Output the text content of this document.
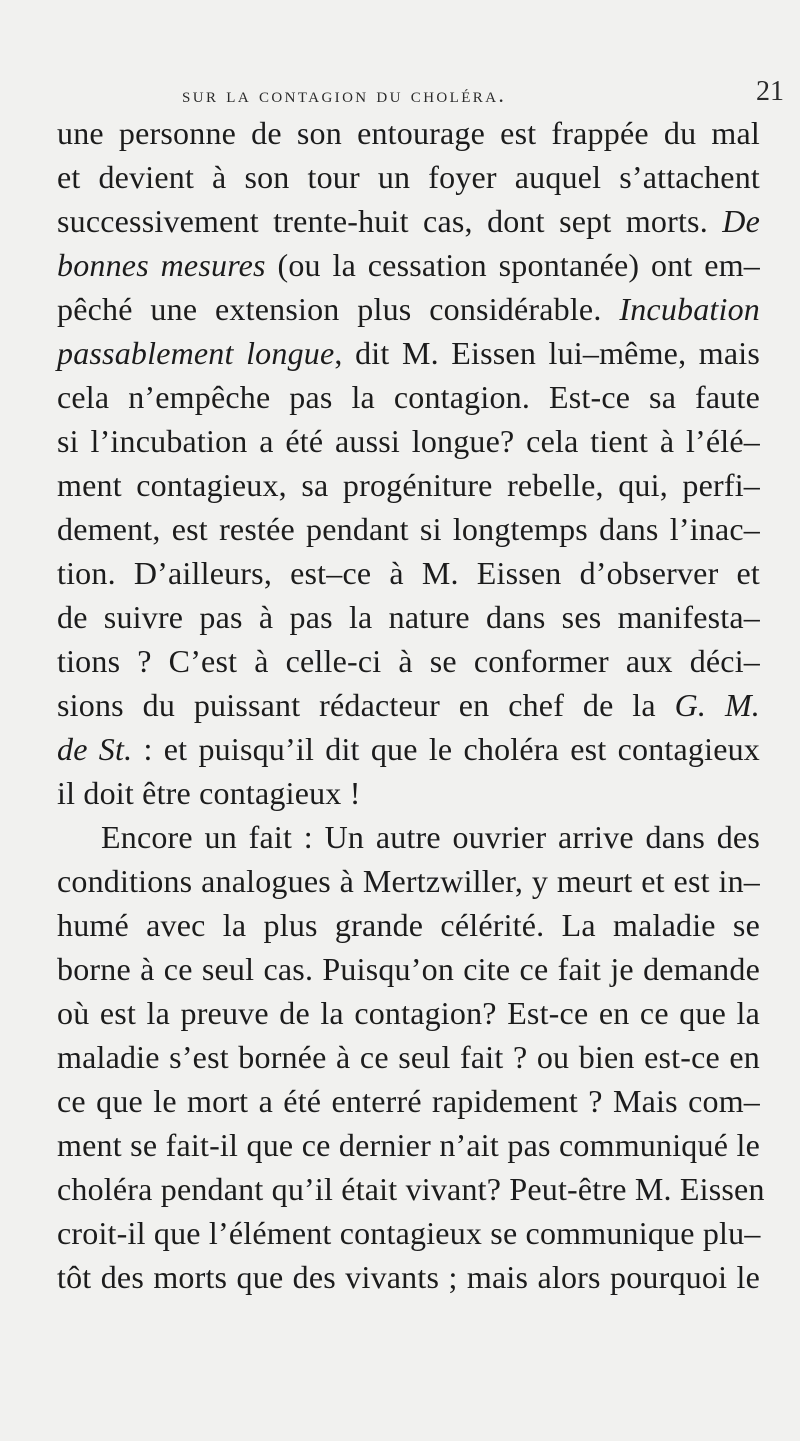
sur la contagion du choléra.	21
une personne de son entourage est frappée du mal
et devient à son tour un foyer auquel s’attachent
successivement trente-huit cas, dont sept morts. De
bonnes mesures (ou la cessation spontanée) ont em–
pêché une extension plus considérable. Incubation
passablement longue, dit M. Eissen lui–même, mais
cela n’empêche pas la contagion. Est-ce sa faute
si l’incubation a été aussi longue? cela tient à l’élé–
ment contagieux, sa progéniture rebelle, qui, perfi–
dement, est restée pendant si longtemps dans l’inac–
tion. D’ailleurs, est–ce à M. Eissen d’observer et
de suivre pas à pas la nature dans ses manifesta–
tions ? C’est à celle-ci à se conformer aux déci–
sions du puissant rédacteur en chef de la G. M.
de St. : et puisqu’il dit que le choléra est contagieux
il doit être contagieux !
Encore un fait : Un autre ouvrier arrive dans des
conditions analogues à Mertzwiller, y meurt et est in–
humé avec la plus grande célérité. La maladie se
borne à ce seul cas. Puisqu’on cite ce fait je demande
où est la preuve de la contagion? Est-ce en ce que la
maladie s’est bornée à ce seul fait ? ou bien est-ce en
ce que le mort a été enterré rapidement ? Mais com–
ment se fait-il que ce dernier n’ait pas communiqué le
choléra pendant qu’il était vivant? Peut-être M. Eissen
croit-il que l’élément contagieux se communique plu–
tôt des morts que des vivants ; mais alors pourquoi le
